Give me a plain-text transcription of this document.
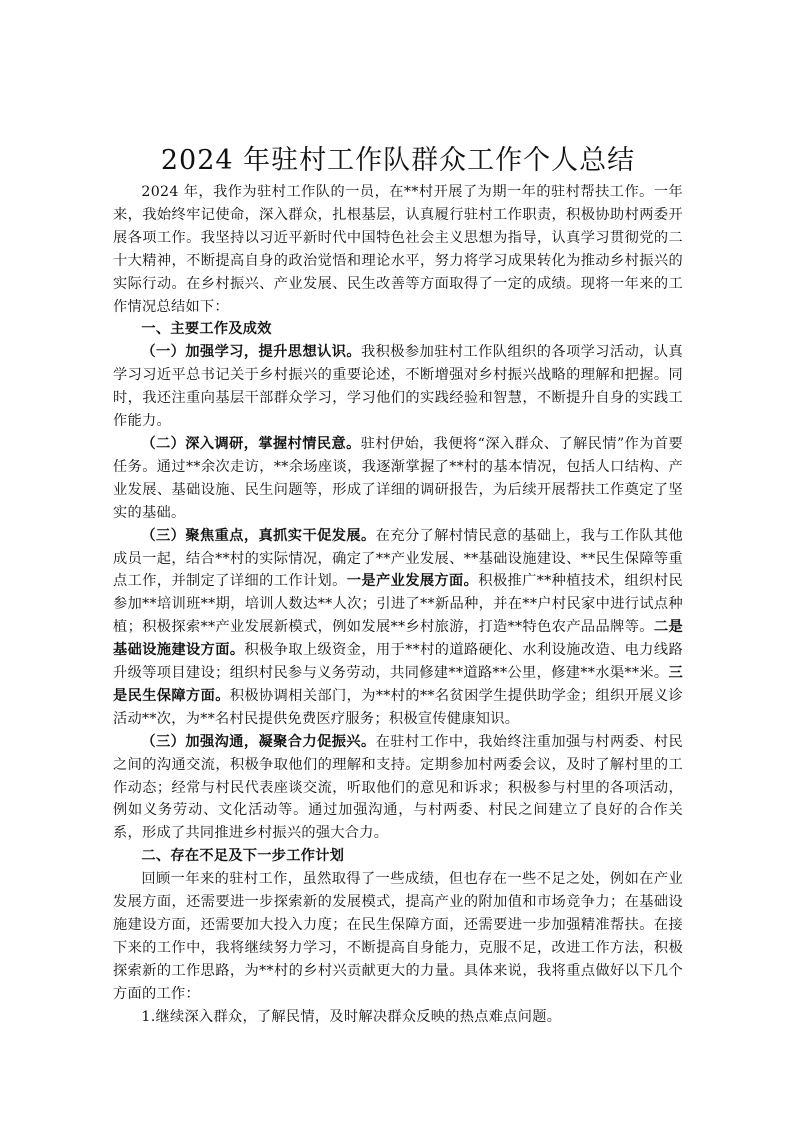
2024 年驻村工作队群众工作个人总结

2024 年，我作为驻村工作队的一员，在**村开展了为期一年的驻村帮扶工作。一年来，我始终牢记使命，深入群众，扎根基层，认真履行驻村工作职责，积极协助村两委开展各项工作。我坚持以习近平新时代中国特色社会主义思想为指导，认真学习贯彻党的二十大精神，不断提高自身的政治觉悟和理论水平，努力将学习成果转化为推动乡村振兴的实际行动。在乡村振兴、产业发展、民生改善等方面取得了一定的成绩。现将一年来的工作情况总结如下：

一、主要工作及成效

（一）加强学习，提升思想认识。我积极参加驻村工作队组织的各项学习活动，认真学习习近平总书记关于乡村振兴的重要论述，不断增强对乡村振兴战略的理解和把握。同时，我还注重向基层干部群众学习，学习他们的实践经验和智慧，不断提升自身的实践工作能力。

（二）深入调研，掌握村情民意。驻村伊始，我便将“深入群众、了解民情”作为首要任务。通过**余次走访，**余场座谈，我逐渐掌握了**村的基本情况，包括人口结构、产业发展、基础设施、民生问题等，形成了详细的调研报告，为后续开展帮扶工作奠定了坚实的基础。

（三）聚焦重点，真抓实干促发展。在充分了解村情民意的基础上，我与工作队其他成员一起，结合**村的实际情况，确定了**产业发展、**基础设施建设、**民生保障等重点工作，并制定了详细的工作计划。一是产业发展方面。积极推广**种植技术，组织村民参加**培训班**期，培训人数达**人次；引进了**新品种，并在**户村民家中进行试点种植；积极探索**产业发展新模式，例如发展**乡村旅游，打造**特色农产品品牌等。二是基础设施建设方面。积极争取上级资金，用于**村的道路硬化、水利设施改造、电力线路升级等项目建设；组织村民参与义务劳动，共同修建**道路**公里，修建**水渠**米。三是民生保障方面。积极协调相关部门，为**村的**名贫困学生提供助学金；组织开展义诊活动**次，为**名村民提供免费医疗服务；积极宣传健康知识。

（三）加强沟通，凝聚合力促振兴。在驻村工作中，我始终注重加强与村两委、村民之间的沟通交流，积极争取他们的理解和支持。定期参加村两委会议，及时了解村里的工作动态；经常与村民代表座谈交流，听取他们的意见和诉求；积极参与村里的各项活动，例如义务劳动、文化活动等。通过加强沟通，与村两委、村民之间建立了良好的合作关系，形成了共同推进乡村振兴的强大合力。

二、存在不足及下一步工作计划

回顾一年来的驻村工作，虽然取得了一些成绩，但也存在一些不足之处，例如在产业发展方面，还需要进一步探索新的发展模式，提高产业的附加值和市场竞争力；在基础设施建设方面，还需要加大投入力度；在民生保障方面，还需要进一步加强精准帮扶。在接下来的工作中，我将继续努力学习，不断提高自身能力，克服不足，改进工作方法，积极探索新的工作思路，为**村的乡村兴贡献更大的力量。具体来说，我将重点做好以下几个方面的工作：

1.继续深入群众，了解民情，及时解决群众反映的热点难点问题。
